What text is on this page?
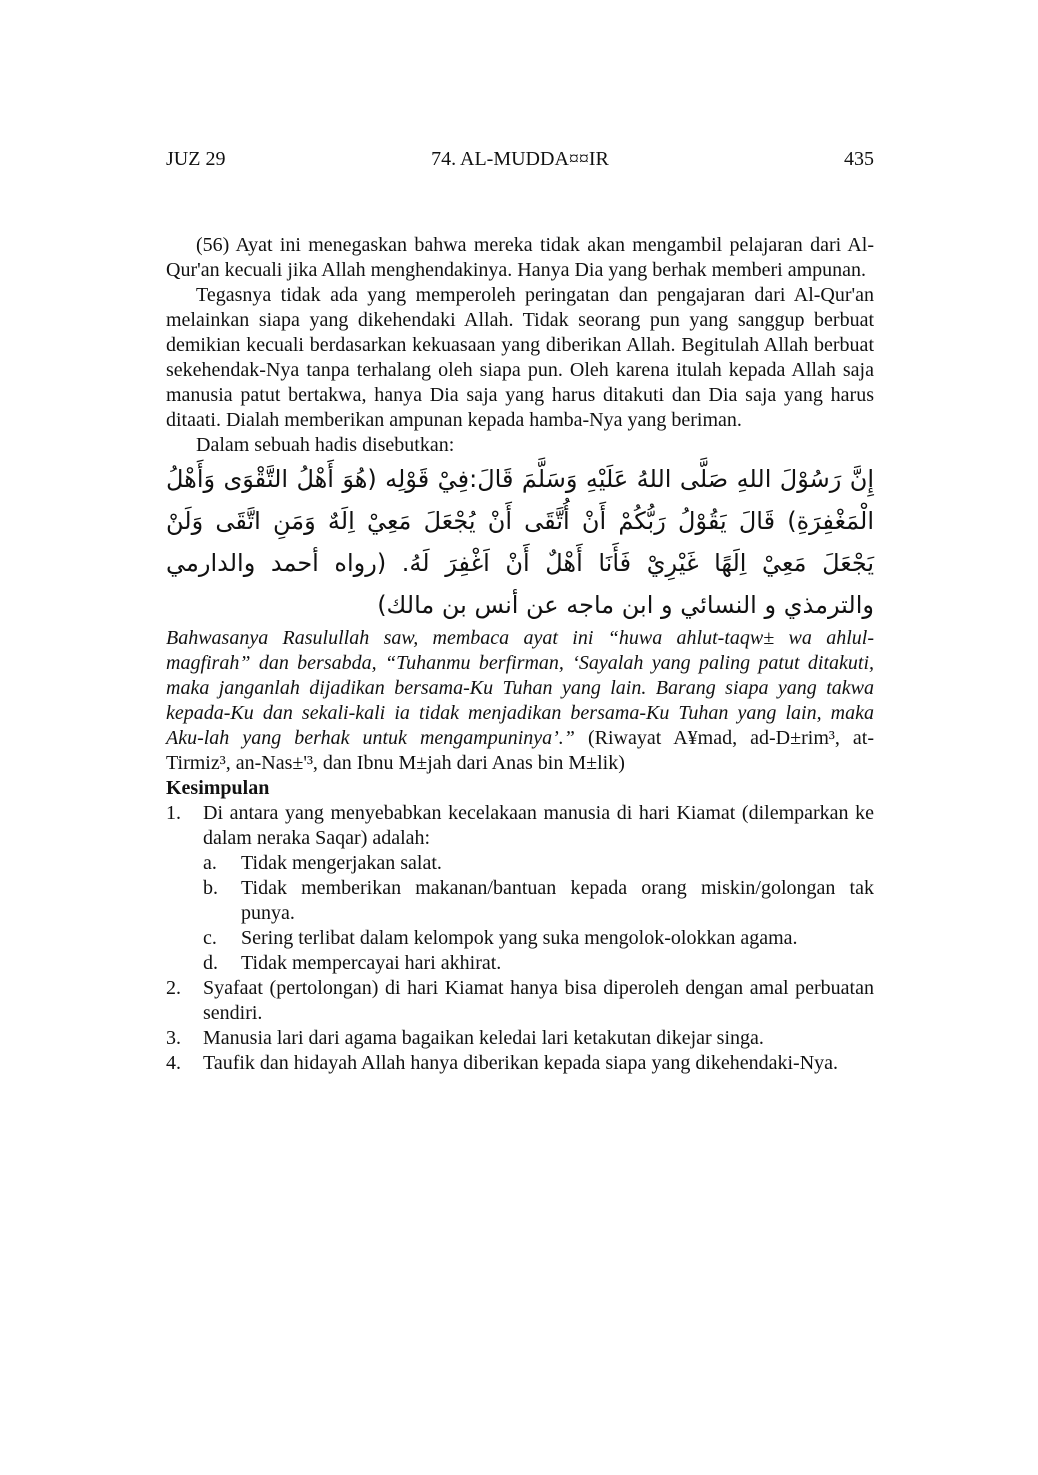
JUZ 29	74. AL-MUDDA¤¤IR	435

(56) Ayat ini menegaskan bahwa mereka tidak akan mengambil pelajaran dari Al-Qur'an kecuali jika Allah menghendakinya. Hanya Dia yang berhak memberi ampunan.

Tegasnya tidak ada yang memperoleh peringatan dan pengajaran dari Al-Qur'an melainkan siapa yang dikehendaki Allah. Tidak seorang pun yang sanggup berbuat demikian kecuali berdasarkan kekuasaan yang diberikan Allah. Begitulah Allah berbuat sekehendak-Nya tanpa terhalang oleh siapa pun. Oleh karena itulah kepada Allah saja manusia patut bertakwa, hanya Dia saja yang harus ditakuti dan Dia saja yang harus ditaati. Dialah memberikan ampunan kepada hamba-Nya yang beriman.

Dalam sebuah hadis disebutkan:

إِنَّ رَسُوْلَ اللهِ صَلَّى اللهُ عَلَيْهِ وَسَلَّمَ قَالَ:فِيْ قَوْلِه (هُوَ أَهْلُ التَّقْوَى وَأَهْلُ الْمَغْفِرَةِ) قَالَ يَقُوْلُ رَبُّكُمْ أَنْ أُتَّقَى أَنْ يُجْعَلَ مَعِيْ اِلَهٌ وَمَنِ اتَّقَى وَلَنْ يَجْعَلَ مَعِيْ اِلَهًا غَيْرِيْ فَأَنَا أَهْلٌ أَنْ اَغْفِرَ لَهُ. (رواه أحمد والدارمي والترمذي و النسائي و ابن ماجه عن أنس بن مالك)

Bahwasanya Rasulullah saw, membaca ayat ini “huwa ahlut-taqw± wa ahlul-magfirah” dan bersabda, “Tuhanmu berfirman, ‘Sayalah yang paling patut ditakuti, maka janganlah dijadikan bersama-Ku Tuhan yang lain. Barang siapa yang takwa kepada-Ku dan sekali-kali ia tidak menjadikan bersama-Ku Tuhan yang lain, maka Aku-lah yang berhak untuk mengampuninya’.” (Riwayat A¥mad, ad-D±rim³, at-Tirmiz³, an-Nas±'³, dan Ibnu M±jah dari Anas bin M±lik)

Kesimpulan

1. Di antara yang menyebabkan kecelakaan manusia di hari Kiamat (dilemparkan ke dalam neraka Saqar) adalah:
a. Tidak mengerjakan salat.
b. Tidak memberikan makanan/bantuan kepada orang miskin/golongan tak punya.
c. Sering terlibat dalam kelompok yang suka mengolok-olokkan agama.
d. Tidak mempercayai hari akhirat.
2. Syafaat (pertolongan) di hari Kiamat hanya bisa diperoleh dengan amal perbuatan sendiri.
3. Manusia lari dari agama bagaikan keledai lari ketakutan dikejar singa.
4. Taufik dan hidayah Allah hanya diberikan kepada siapa yang dikehendaki-Nya.
